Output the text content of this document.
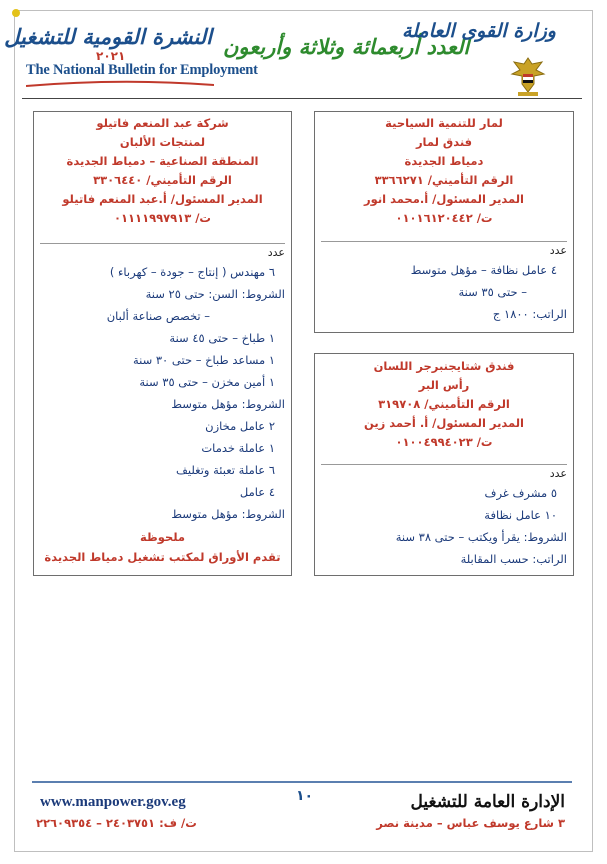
النشرة القومية للتشغيل
٢٠٢١
The National Bulletin for Employment
العدد أربعمائة وثلاثة وأربعون
وزارة القوى العاملة
شركة عبد المنعم فاتيلو
لمنتجات الألبان
المنطقة الصناعية – دمياط الجديدة
الرقم التأميني/ ٣٣٠٦٤٤٠
المدير المسئول/ أ.عبد المنعم فاتيلو
ت/ ٠١١١١٩٩٧٩١٣
عدد
٦ مهندس ( إنتاج – جودة – كهرباء )
الشروط: السن: حتى ٢٥ سنة
– تخصص صناعة ألبان
١ طباخ – حتى ٤٥ سنة
١ مساعد طباخ – حتى ٣٠ سنة
١ أمين مخزن – حتى ٣٥ سنة
الشروط: مؤهل متوسط
٢ عامل مخازن
١ عاملة خدمات
٦ عاملة تعبئة وتغليف
٤ عامل
الشروط: مؤهل متوسط
ملحوظة
تقدم الأوراق لمكتب تشغيل دمياط الجديدة
لمار للتنمية السياحية
فندق لمار
دمياط الجديدة
الرقم التأميني/ ٣٣٦٦٢٧١
المدير المسئول/ أ.محمد انور
ت/ ٠١٠١٦١٢٠٤٤٢
عدد
٤ عامل نظافة – مؤهل متوسط
– حتى ٣٥ سنة
الراتب: ١٨٠٠ ج
فندق شتايجنبرجر اللسان
رأس البر
الرقم التأميني/ ٣١٩٧٠٨
المدير المسئول/ أ. أحمد زين
ت/ ٠١٠٠٤٩٩٤٠٢٣
عدد
٥ مشرف غرف
١٠ عامل نظافة
الشروط: يقرأ ويكتب – حتى ٣٨ سنة
الراتب: حسب المقابلة
١٠
www.manpower.gov.eg
ت/ ف: ٢٤٠٣٧٥١ – ٢٢٦٠٩٣٥٤
الإدارة العامة للتشغيل
٣ شارع يوسف عباس – مدينة نصر
